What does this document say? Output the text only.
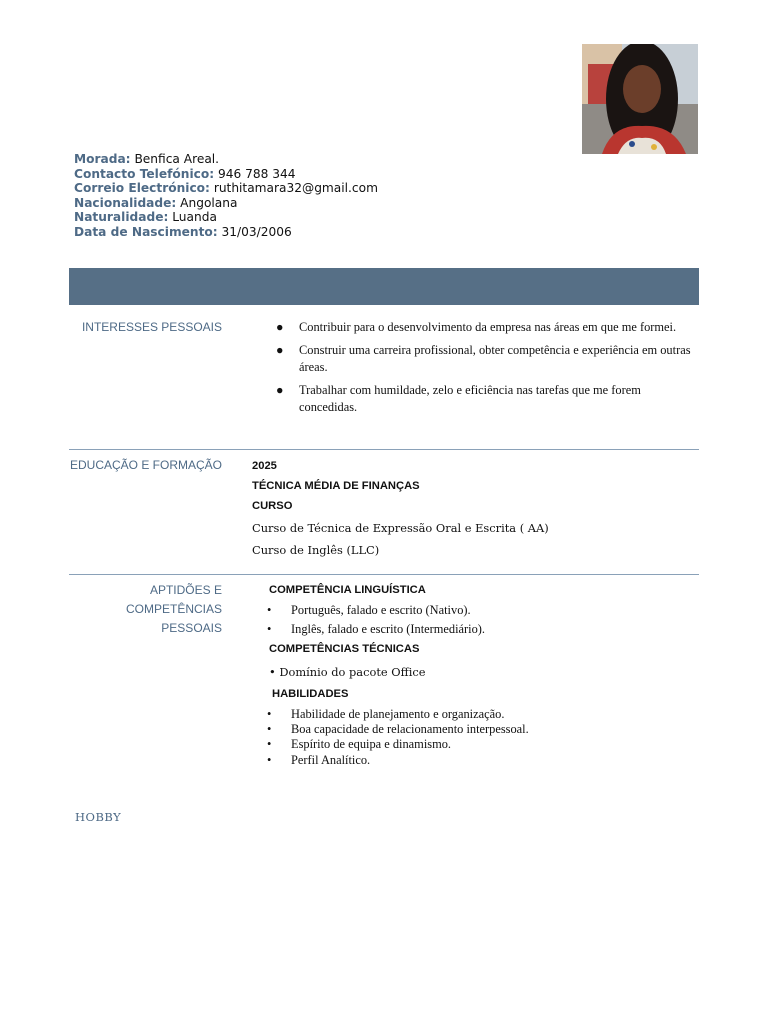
Morada: Benfica Areal.
Contacto Telefónico: 946 788 344
Correio Electrónico: ruthitamara32@gmail.com
Nacionalidade: Angolana
Naturalidade: Luanda
Data de Nascimento: 31/03/2006
INTERESSES PESSOAIS	● Contribuir para o desenvolvimento da empresa nas áreas em que me formei.
● Construir uma carreira profissional, obter competência e experiência em outras áreas.
● Trabalhar com humildade, zelo e eficiência nas tarefas que me forem concedidas.
EDUCAÇÃO E FORMAÇÃO	2025
TÉCNICA MÉDIA DE FINANÇAS
CURSO
Curso de Técnica de Expressão Oral e Escrita ( AA)
Curso de Inglês (LLC)
APTIDÕES E
COMPETÊNCIAS PESSOAIS
COMPETÊNCIA LINGUÍSTICA
• Português, falado e escrito (Nativo).
• Inglês, falado e escrito (Intermediário).
COMPETÊNCIAS TÉCNICAS
• Domínio do pacote Office
HABILIDADES
• Habilidade de planejamento e organização.
• Boa capacidade de relacionamento interpessoal.
• Espírito de equipa e dinamismo.
• Perfil Analítico.
HOBBY
